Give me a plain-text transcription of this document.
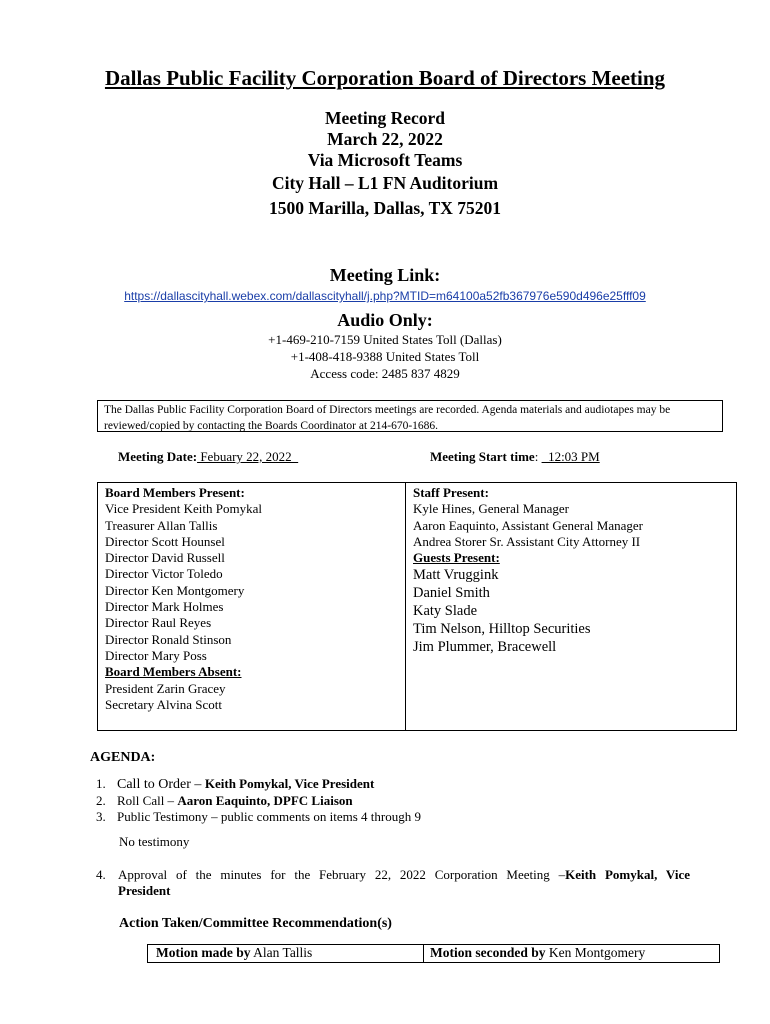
Dallas Public Facility Corporation Board of Directors Meeting
Meeting Record
March 22, 2022
Via Microsoft Teams
City Hall – L1 FN Auditorium
1500 Marilla, Dallas, TX 75201
Meeting Link:
https://dallascityhall.webex.com/dallascityhall/j.php?MTID=m64100a52fb367976e590d496e25fff09
Audio Only:
+1-469-210-7159 United States Toll (Dallas)
+1-408-418-9388 United States Toll
Access code: 2485 837 4829
The Dallas Public Facility Corporation Board of Directors meetings are recorded. Agenda materials and audiotapes may be reviewed/copied by contacting the Boards Coordinator at 214-670-1686.
Meeting Date: Febuary 22, 2022	Meeting Start time:   12:03 PM
Board Members Present:
Vice President Keith Pomykal
Treasurer Allan Tallis
Director Scott Hounsel
Director David Russell
Director Victor Toledo
Director Ken Montgomery
Director Mark Holmes
Director Raul Reyes
Director Ronald Stinson
Director Mary Poss
Board Members Absent:
President Zarin Gracey
Secretary Alvina Scott
Staff Present:
Kyle Hines, General Manager
Aaron Eaquinto, Assistant General Manager
Andrea Storer Sr. Assistant City Attorney II
Guests Present:
Matt Vruggink
Daniel Smith
Katy Slade
Tim Nelson, Hilltop Securities
Jim Plummer, Bracewell
AGENDA:
1. Call to Order – Keith Pomykal, Vice President
2. Roll Call – Aaron Eaquinto, DPFC Liaison
3. Public Testimony – public comments on items 4 through 9
No testimony
4. Approval of the minutes for the February 22, 2022 Corporation Meeting –Keith Pomykal, Vice
President
Action Taken/Committee Recommendation(s)
Motion made by Alan Tallis	Motion seconded by Ken Montgomery
